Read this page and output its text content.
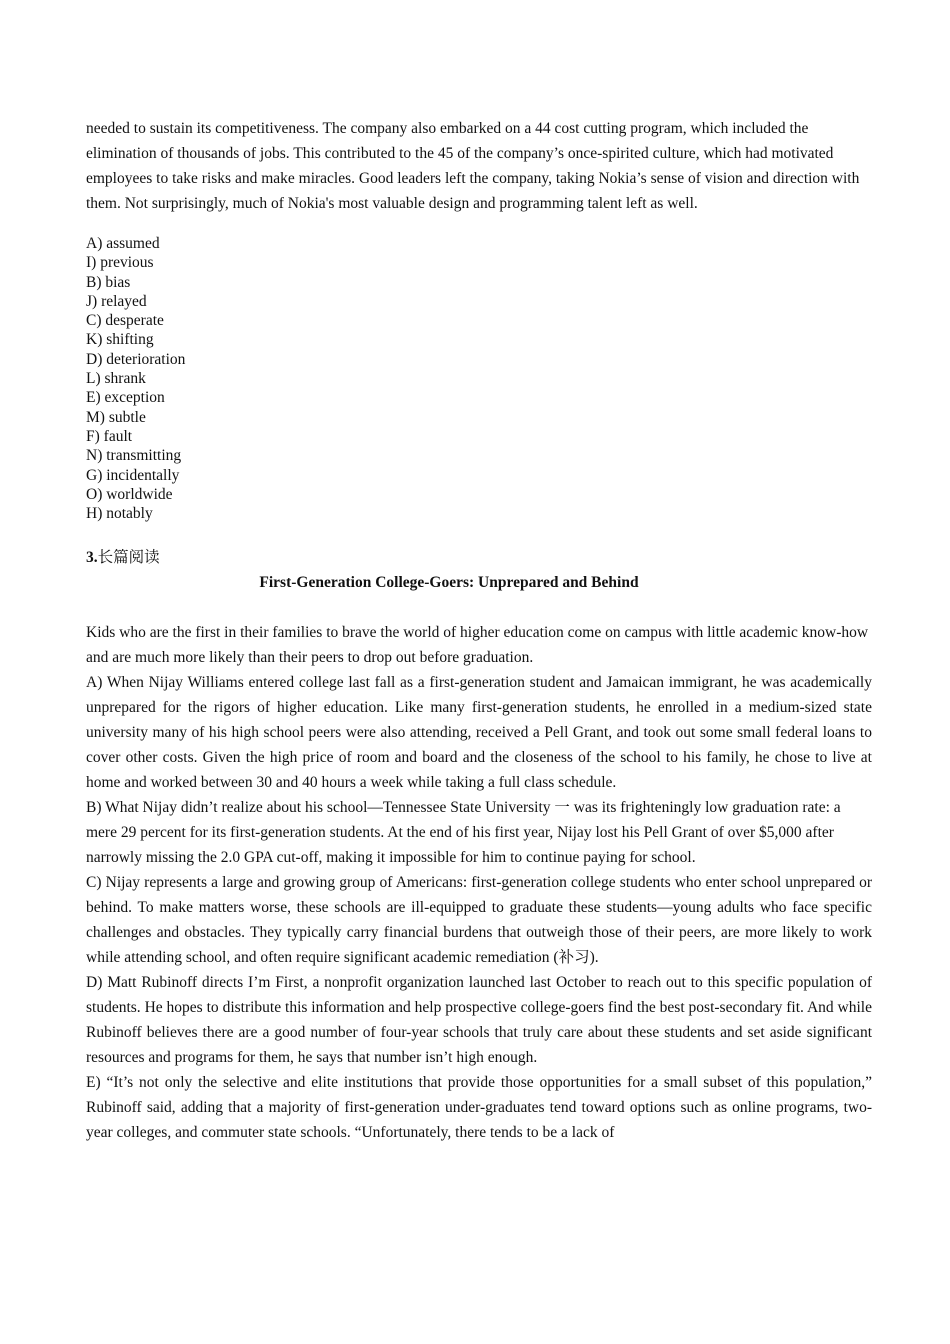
needed to sustain its competitiveness. The company also embarked on a 44 cost cutting program, which included the elimination of thousands of jobs. This contributed to the 45 of the company’s once-spirited culture, which had motivated employees to take risks and make miracles. Good leaders left the company, taking Nokia’s sense of vision and direction with them. Not surprisingly, much of Nokia's most valuable design and programming talent left as well.

A) assumed
I) previous
B) bias
J) relayed
C) desperate
K) shifting
D) deterioration
L) shrank
E) exception
M) subtle
F) fault
N) transmitting
G) incidentally
O) worldwide
H) notably

3.长篇阅读

First-Generation College-Goers: Unprepared and Behind

Kids who are the first in their families to brave the world of higher education come on campus with little academic know-how and are much more likely than their peers to drop out before graduation.

A) When Nijay Williams entered college last fall as a first-generation student and Jamaican immigrant, he was academically unprepared for the rigors of higher education. Like many first-generation students, he enrolled in a medium-sized state university many of his high school peers were also attending, received a Pell Grant, and took out some small federal loans to cover other costs. Given the high price of room and board and the closeness of the school to his family, he chose to live at home and worked between 30 and 40 hours a week while taking a full class schedule.

B) What Nijay didn’t realize about his school—Tennessee State University 一 was its frighteningly low graduation rate: a mere 29 percent for its first-generation students. At the end of his first year, Nijay lost his Pell Grant of over $5,000 after narrowly missing the 2.0 GPA cut-off, making it impossible for him to continue paying for school.

C) Nijay represents a large and growing group of Americans: first-generation college students who enter school unprepared or behind. To make matters worse, these schools are ill-equipped to graduate these students—young adults who face specific challenges and obstacles. They typically carry financial burdens that outweigh those of their peers, are more likely to work while attending school, and often require significant academic remediation (补习).

D) Matt Rubinoff directs I’m First, a nonprofit organization launched last October to reach out to this specific population of students. He hopes to distribute this information and help prospective college-goers find the best post-secondary fit. And while Rubinoff believes there are a good number of four-year schools that truly care about these students and set aside significant resources and programs for them, he says that number isn’t high enough.

E) “It’s not only the selective and elite institutions that provide those opportunities for a small subset of this population,” Rubinoff said, adding that a majority of first-generation under-graduates tend toward options such as online programs, two-year colleges, and commuter state schools. “Unfortunately, there tends to be a lack of
